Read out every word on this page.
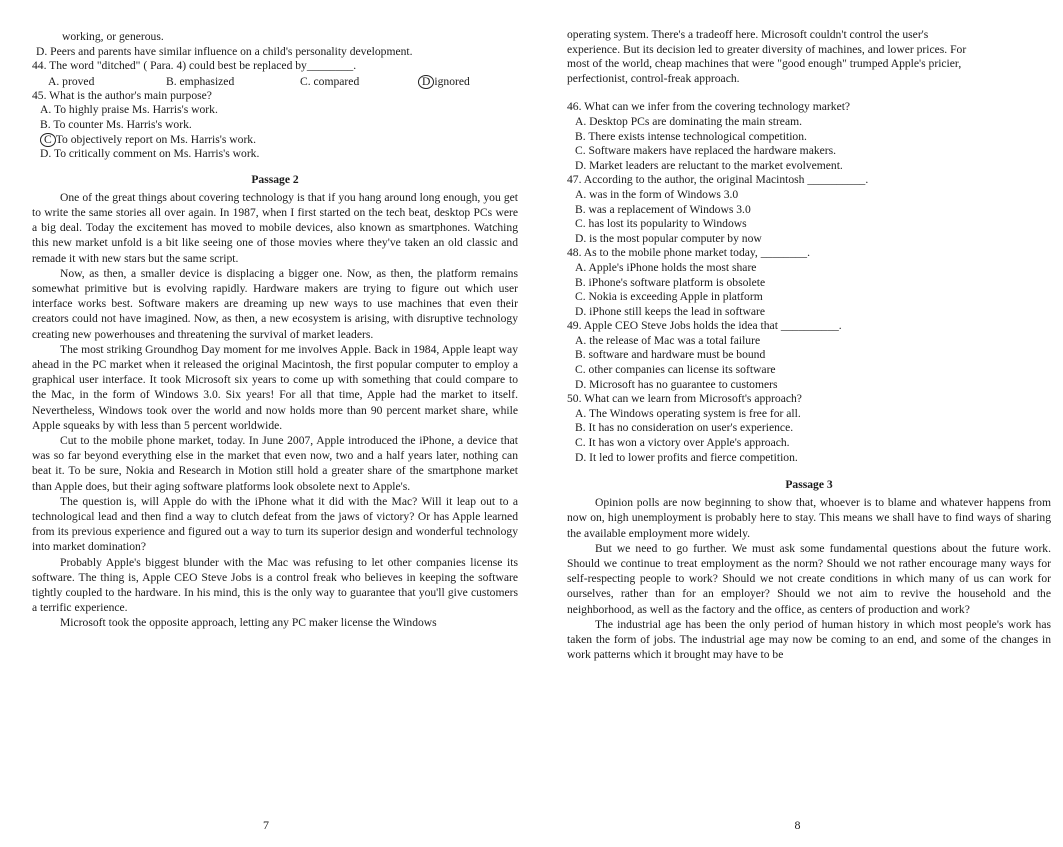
working, or generous.
D. Peers and parents have similar influence on a child's personality development.
44. The word "ditched" ( Para. 4) could best be replaced by________.
A. proved	B. emphasized	C. compared	D ignored
45. What is the author's main purpose?
A. To highly praise Ms. Harris's work.
B. To counter Ms. Harris's work.
C To objectively report on Ms. Harris's work.
D. To critically comment on Ms. Harris's work.
Passage 2
One of the great things about covering technology is that if you hang around long enough, you get to write the same stories all over again. In 1987, when I first started on the tech beat, desktop PCs were a big deal. Today the excitement has moved to mobile devices, also known as smartphones. Watching this new market unfold is a bit like seeing one of those movies where they've taken an old classic and remade it with new stars but the same script.
Now, as then, a smaller device is displacing a bigger one. Now, as then, the platform remains somewhat primitive but is evolving rapidly. Hardware makers are trying to figure out which user interface works best. Software makers are dreaming up new ways to use machines that even their creators could not have imagined. Now, as then, a new ecosystem is arising, with disruptive technology creating new powerhouses and threatening the survival of market leaders.
The most striking Groundhog Day moment for me involves Apple. Back in 1984, Apple leapt way ahead in the PC market when it released the original Macintosh, the first popular computer to employ a graphical user interface. It took Microsoft six years to come up with something that could compare to the Mac, in the form of Windows 3.0. Six years! For all that time, Apple had the market to itself. Nevertheless, Windows took over the world and now holds more than 90 percent market share, while Apple squeaks by with less than 5 percent worldwide.
Cut to the mobile phone market, today. In June 2007, Apple introduced the iPhone, a device that was so far beyond everything else in the market that even now, two and a half years later, nothing can beat it. To be sure, Nokia and Research in Motion still hold a greater share of the smartphone market than Apple does, but their aging software platforms look obsolete next to Apple's.
The question is, will Apple do with the iPhone what it did with the Mac? Will it leap out to a technological lead and then find a way to clutch defeat from the jaws of victory? Or has Apple learned from its previous experience and figured out a way to turn its superior design and wonderful technology into market domination?
Probably Apple's biggest blunder with the Mac was refusing to let other companies license its software. The thing is, Apple CEO Steve Jobs is a control freak who believes in keeping the software tightly coupled to the hardware. In his mind, this is the only way to guarantee that you'll give customers a terrific experience.
Microsoft took the opposite approach, letting any PC maker license the Windows
7
operating system. There's a tradeoff here. Microsoft couldn't control the user's
experience. But its decision led to greater diversity of machines, and lower prices. For
most of the world, cheap machines that were "good enough" trumped Apple's pricier,
perfectionist, control-freak approach.
46. What can we infer from the covering technology market?
A. Desktop PCs are dominating the main stream.
B. There exists intense technological competition.
C. Software makers have replaced the hardware makers.
D. Market leaders are reluctant to the market evolvement.
47. According to the author, the original Macintosh __________.
A. was in the form of Windows 3.0
B. was a replacement of Windows 3.0
C. has lost its popularity to Windows
D. is the most popular computer by now
48. As to the mobile phone market today, ________.
A. Apple's iPhone holds the most share
B. iPhone's software platform is obsolete
C. Nokia is exceeding Apple in platform
D. iPhone still keeps the lead in software
49. Apple CEO Steve Jobs holds the idea that __________.
A. the release of Mac was a total failure
B. software and hardware must be bound
C. other companies can license its software
D. Microsoft has no guarantee to customers
50. What can we learn from Microsoft's approach?
A. The Windows operating system is free for all.
B. It has no consideration on user's experience.
C. It has won a victory over Apple's approach.
D. It led to lower profits and fierce competition.
Passage 3
Opinion polls are now beginning to show that, whoever is to blame and whatever happens from now on, high unemployment is probably here to stay. This means we shall have to find ways of sharing the available employment more widely.
But we need to go further. We must ask some fundamental questions about the future work. Should we continue to treat employment as the norm? Should we not rather encourage many ways for self-respecting people to work? Should we not create conditions in which many of us can work for ourselves, rather than for an employer? Should we not aim to revive the household and the neighborhood, as well as the factory and the office, as centers of production and work?
The industrial age has been the only period of human history in which most people's work has taken the form of jobs. The industrial age may now be coming to an end, and some of the changes in work patterns which it brought may have to be
8
